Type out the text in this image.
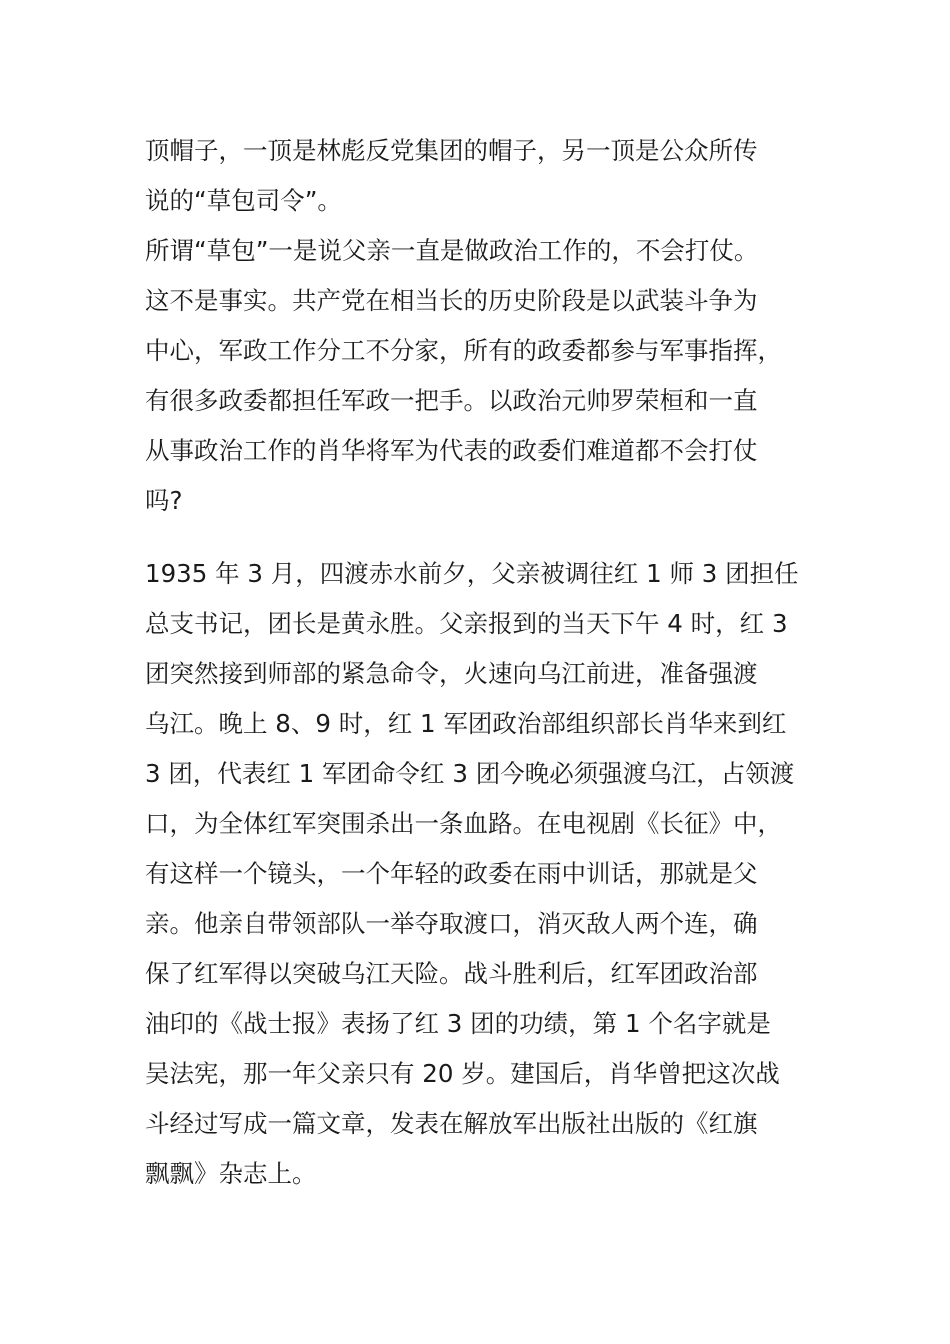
顶帽子，一顶是林彪反党集团的帽子，另一顶是公众所传
说的“草包司令”。
所谓“草包”一是说父亲一直是做政治工作的，不会打仗。
这不是事实。共产党在相当长的历史阶段是以武装斗争为
中心，军政工作分工不分家，所有的政委都参与军事指挥，
有很多政委都担任军政一把手。以政治元帅罗荣桓和一直
从事政治工作的肖华将军为代表的政委们难道都不会打仗
吗?
1935 年 3 月，四渡赤水前夕，父亲被调往红 1 师 3 团担任
总支书记，团长是黄永胜。父亲报到的当天下午 4 时，红 3
团突然接到师部的紧急命令，火速向乌江前进，准备强渡
乌江。晚上 8、9 时，红 1 军团政治部组织部长肖华来到红
3 团，代表红 1 军团命令红 3 团今晚必须强渡乌江，占领渡
口，为全体红军突围杀出一条血路。在电视剧《长征》中，
有这样一个镜头，一个年轻的政委在雨中训话，那就是父
亲。他亲自带领部队一举夺取渡口，消灭敌人两个连，确
保了红军得以突破乌江天险。战斗胜利后，红军团政治部
油印的《战士报》表扬了红 3 团的功绩，第 1 个名字就是
吴法宪，那一年父亲只有 20 岁。建国后，肖华曾把这次战
斗经过写成一篇文章，发表在解放军出版社出版的《红旗
飘飘》杂志上。
